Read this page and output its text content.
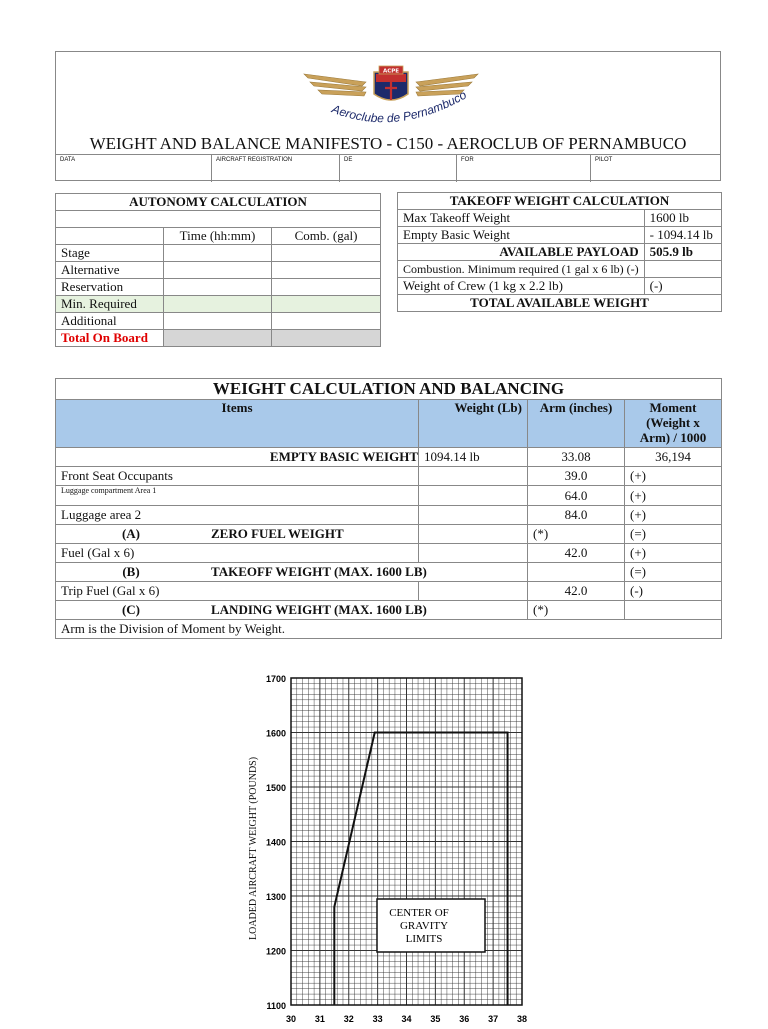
ACPE
Aeroclube de Pernambuco
WEIGHT AND BALANCE MANIFESTO - C150 - AEROCLUB OF PERNAMBUCO
DATA	AIRCRAFT REGISTRATION	DE	FOR	PILOT
AUTONOMY CALCULATION		

	Time (hh:mm)	Comb. (gal)
Stage		
Alternative		
Reservation		
Min. Required		
Additional		
Total On Board		
TAKEOFF WEIGHT CALCULATION	
Max Takeoff Weight	1600 lb
Empty Basic Weight	- 1094.14 lb
AVAILABLE PAYLOAD	505.9 lb
Combustion. Minimum required (1 gal x 6 lb) (-)	
Weight of Crew (1 kg x 2.2 lb)	(-)
TOTAL AVAILABLE WEIGHT	
WEIGHT CALCULATION AND BALANCING				
Items		Weight (Lb)	Arm (inches)	Moment (Weight x Arm) / 1000
EMPTY BASIC WEIGHT		1094.14 lb	33.08	36,194
Front Seat Occupants			39.0	(+)
Luggage compartment Area 1			64.0	(+)
Luggage area 2			84.0	(+)
(A)	ZERO FUEL WEIGHT		(*)	(=)
Fuel (Gal x 6)			42.0	(+)
(B)	TAKEOFF WEIGHT (MAX. 1600 LB)			(=)
Trip Fuel (Gal x 6)			42.0	(-)
(C)	LANDING WEIGHT (MAX. 1600 LB)		(*)	
Arm is the Division of Moment by Weight.				
LOADED AIRCRAFT WEIGHT (POUNDS)
1100
1200
1300
1400
1500
1600
1700
30 31 32 33 34 35 36 37 38
CENTER OF
GRAVITY
LIMITS
